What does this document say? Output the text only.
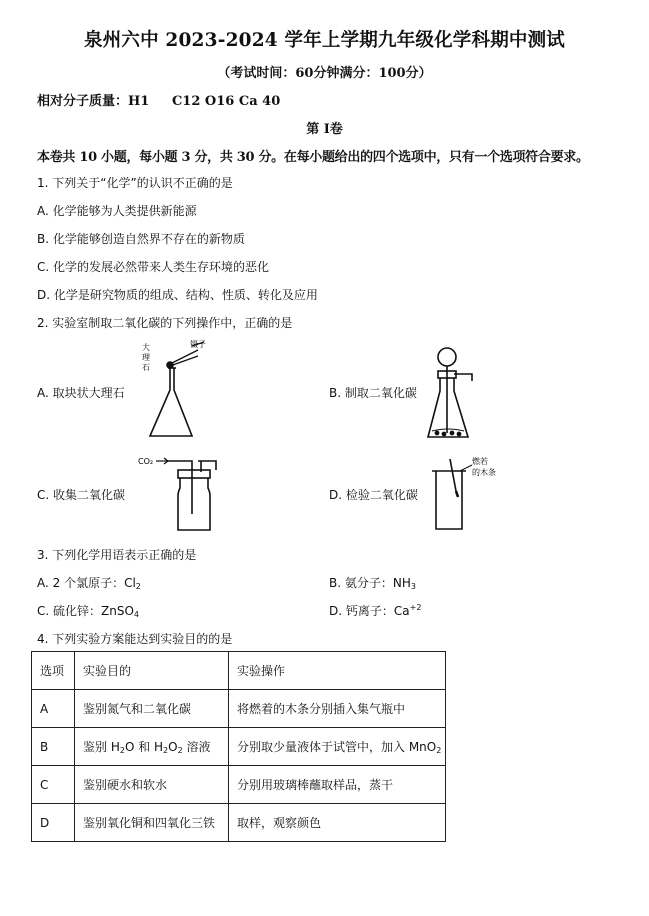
泉州六中 2023-2024 学年上学期九年级化学科期中测试
（考试时间：60分钟满分：100分）
相对分子质量：H1     C12 O16 Ca 40
第 I卷
本卷共 10 小题，每小题 3 分，共 30 分。在每小题给出的四个选项中，只有一个选项符合要求。
1. 下列关于“化学”的认识不正确的是
A. 化学能够为人类提供新能源
B. 化学能够创造自然界不存在的新物质
C. 化学的发展必然带来人类生存环境的恶化
D. 化学是研究物质的组成、结构、性质、转化及应用
2. 实验室制取二氧化碳的下列操作中，正确的是
A. 取块状大理石	B. 制取二氧化碳
C. 收集二氧化碳	D. 检验二氧化碳
镊子
大
理
石
CO₂	燃若
的木条
3. 下列化学用语表示正确的是
A. 2 个氯原子：$Cl_2$	B. 氨分子：$NH_3$
C. 硫化锌：ZnSO$_4$	D. 钙离子：$Ca^{+2}$
4. 下列实验方案能达到实验目的的是
选项	实验目的	实验操作
A	鉴别氮气和二氧化碳	将燃着的木条分别插入集气瓶中
B	鉴别 $H_2O$ 和 $H_2O_2$ 溶液	分别取少量液体于试管中，加入 MnO$_2$
C	鉴别硬水和软水	分别用玻璃棒蘸取样品，蒸干
D	鉴别氧化铜和四氧化三铁	取样，观察颜色
